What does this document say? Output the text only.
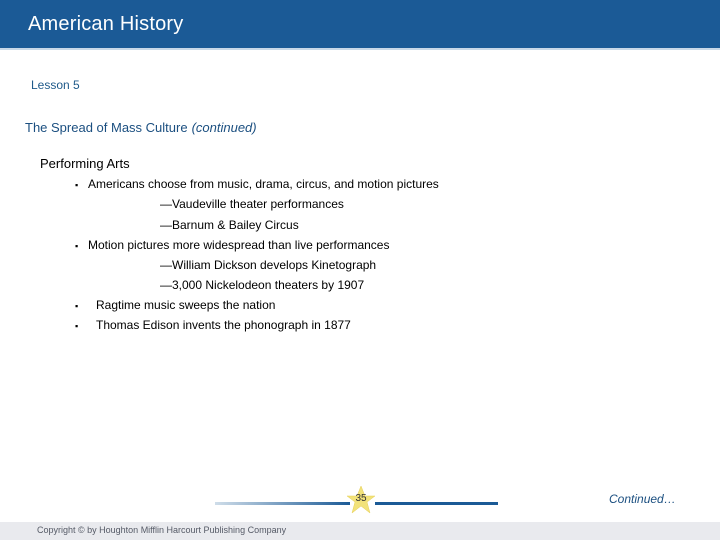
American History
Lesson 5
The Spread of Mass Culture (continued)
Performing Arts
▪ Americans choose from music, drama, circus, and motion pictures
—Vaudeville theater performances
—Barnum & Bailey Circus
▪ Motion pictures more widespread than live performances
—William Dickson develops Kinetograph
—3,000 Nickelodeon theaters by 1907
▪ Ragtime music sweeps the nation
▪ Thomas Edison invents the phonograph in 1877
35	Continued…
Copyright © by Houghton Mifflin Harcourt Publishing Company
